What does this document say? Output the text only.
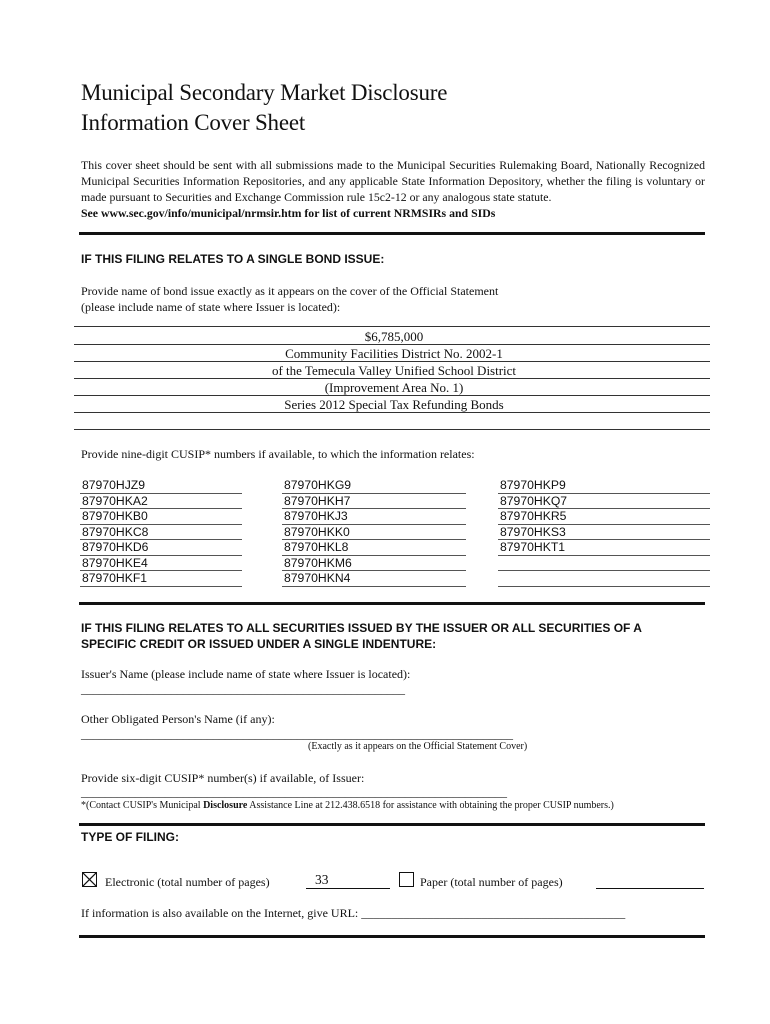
Municipal Secondary Market Disclosure
Information Cover Sheet
This cover sheet should be sent with all submissions made to the Municipal Securities Rulemaking Board, Nationally Recognized Municipal Securities Information Repositories, and any applicable State Information Depository, whether the filing is voluntary or made pursuant to Securities and Exchange Commission rule 15c2-12 or any analogous state statute.
See www.sec.gov/info/municipal/nrmsir.htm for list of current NRMSIRs and SIDs
IF THIS FILING RELATES TO A SINGLE BOND ISSUE:
Provide name of bond issue exactly as it appears on the cover of the Official Statement
(please include name of state where Issuer is located):
$6,785,000
Community Facilities District No. 2002-1
of the Temecula Valley Unified School District
(Improvement Area No. 1)
Series 2012 Special Tax Refunding Bonds
Provide nine-digit CUSIP* numbers if available, to which the information relates:
87970HJZ9
87970HKA2
87970HKB0
87970HKC8
87970HKD6
87970HKE4
87970HKF1
87970HKG9
87970HKH7
87970HKJ3
87970HKK0
87970HKL8
87970HKM6
87970HKN4
87970HKP9
87970HKQ7
87970HKR5
87970HKS3
87970HKT1
IF THIS FILING RELATES TO ALL SECURITIES ISSUED BY THE ISSUER OR ALL SECURITIES OF A
SPECIFIC CREDIT OR ISSUED UNDER A SINGLE INDENTURE:
Issuer's Name (please include name of state where Issuer is located):
______________________________________________________
Other Obligated Person's Name (if any):
________________________________________________________________________
(Exactly as it appears on the Official Statement Cover)
Provide six-digit CUSIP* number(s) if available, of Issuer:
_______________________________________________________________________
*(Contact CUSIP's Municipal Disclosure Assistance Line at 212.438.6518 for assistance with obtaining the proper CUSIP numbers.)
TYPE OF FILING:
Electronic (total number of pages)	33	Paper (total number of pages)
If information is also available on the Internet, give URL: ____________________________________________
